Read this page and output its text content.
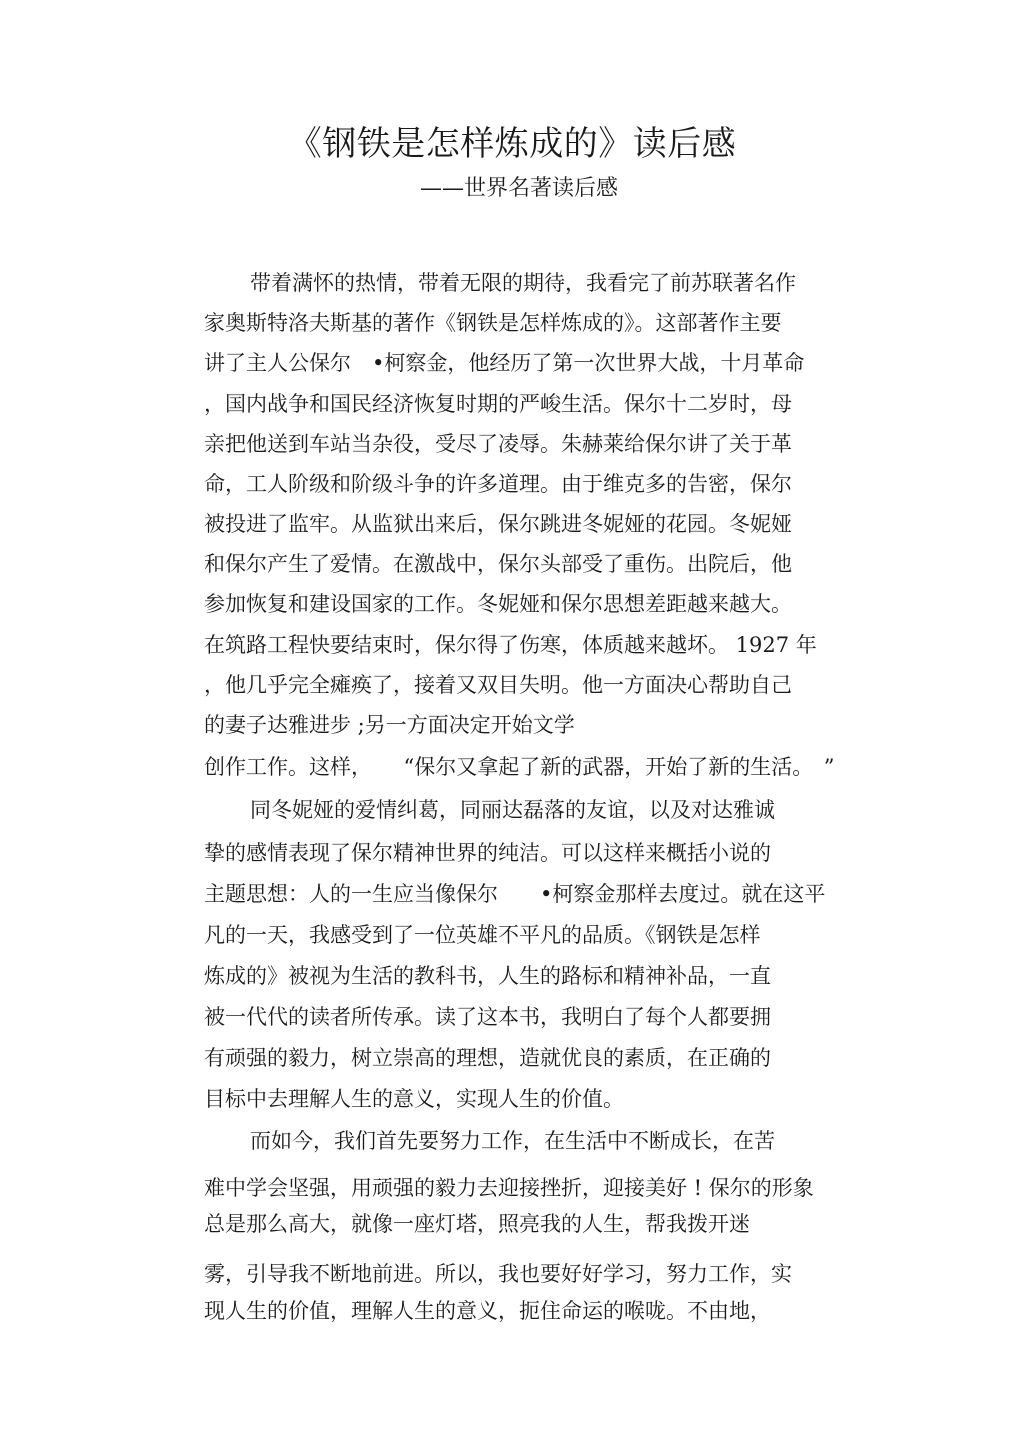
《钢铁是怎样炼成的》读后感

——世界名著读后感

带着满怀的热情，带着无限的期待，我看完了前苏联著名作

家奥斯特洛夫斯基的著作《钢铁是怎样炼成的》。这部著作主要

讲了主人公保尔　•柯察金，他经历了第一次世界大战，十月革命

，国内战争和国民经济恢复时期的严峻生活。保尔十二岁时，母

亲把他送到车站当杂役，受尽了凌辱。朱赫莱给保尔讲了关于革

命，工人阶级和阶级斗争的许多道理。由于维克多的告密，保尔

被投进了监牢。从监狱出来后，保尔跳进冬妮娅的花园。冬妮娅

和保尔产生了爱情。在激战中，保尔头部受了重伤。出院后，他

参加恢复和建设国家的工作。冬妮娅和保尔思想差距越来越大。

在筑路工程快要结束时，保尔得了伤寒，体质越来越坏。 1927 年

，他几乎完全瘫痪了，接着又双目失明。他一方面决心帮助自己

的妻子达雅进步 ;另一方面决定开始文学

创作工作。这样，　　“保尔又拿起了新的武器，开始了新的生活。　”

同冬妮娅的爱情纠葛，同丽达磊落的友谊，以及对达雅诚

挚的感情表现了保尔精神世界的纯洁。可以这样来概括小说的

主题思想：人的一生应当像保尔　　•柯察金那样去度过。就在这平

凡的一天，我感受到了一位英雄不平凡的品质。《钢铁是怎样

炼成的》被视为生活的教科书，人生的路标和精神补品，一直

被一代代的读者所传承。读了这本书，我明白了每个人都要拥

有顽强的毅力，树立崇高的理想，造就优良的素质，在正确的

目标中去理解人生的意义，实现人生的价值。

而如今，我们首先要努力工作，在生活中不断成长，在苦

难中学会坚强，用顽强的毅力去迎接挫折，迎接美好 ! 保尔的形象

总是那么高大，就像一座灯塔，照亮我的人生，帮我拨开迷

雾，引导我不断地前进。所以，我也要好好学习，努力工作，实

现人生的价值，理解人生的意义，扼住命运的喉咙。不由地，
